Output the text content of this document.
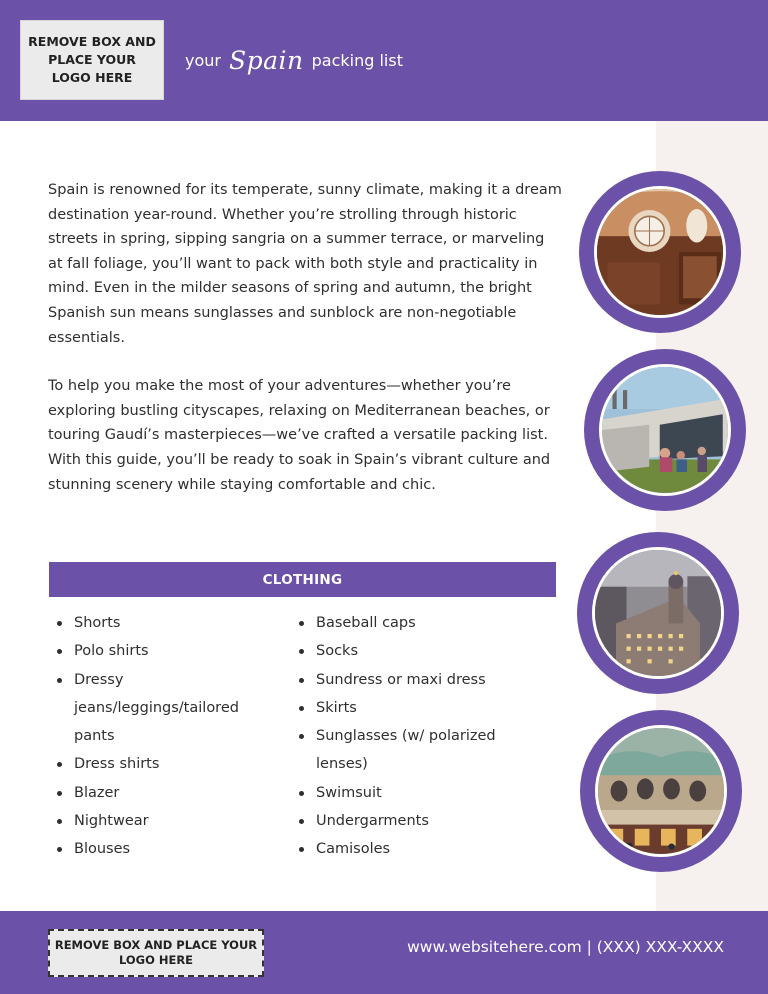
REMOVE BOX AND PLACE YOUR LOGO HERE
your Spain packing list

Spain is renowned for its temperate, sunny climate, making it a dream destination year-round. Whether you’re strolling through historic streets in spring, sipping sangria on a summer terrace, or marveling at fall foliage, you’ll want to pack with both style and practicality in mind. Even in the milder seasons of spring and autumn, the bright Spanish sun means sunglasses and sunblock are non-negotiable essentials.

To help you make the most of your adventures—whether you’re exploring bustling cityscapes, relaxing on Mediterranean beaches, or touring Gaudí’s masterpieces—we’ve crafted a versatile packing list. With this guide, you’ll be ready to soak in Spain’s vibrant culture and stunning scenery while staying comfortable and chic.

CLOTHING
Shorts
Polo shirts
Dressy jeans/leggings/tailored pants
Dress shirts
Blazer
Nightwear
Blouses
Baseball caps
Socks
Sundress or maxi dress
Skirts
Sunglasses (w/ polarized lenses)
Swimsuit
Undergarments
Camisoles
REMOVE BOX AND PLACE YOUR LOGO HERE
www.websitehere.com | (XXX) XXX-XXXX
